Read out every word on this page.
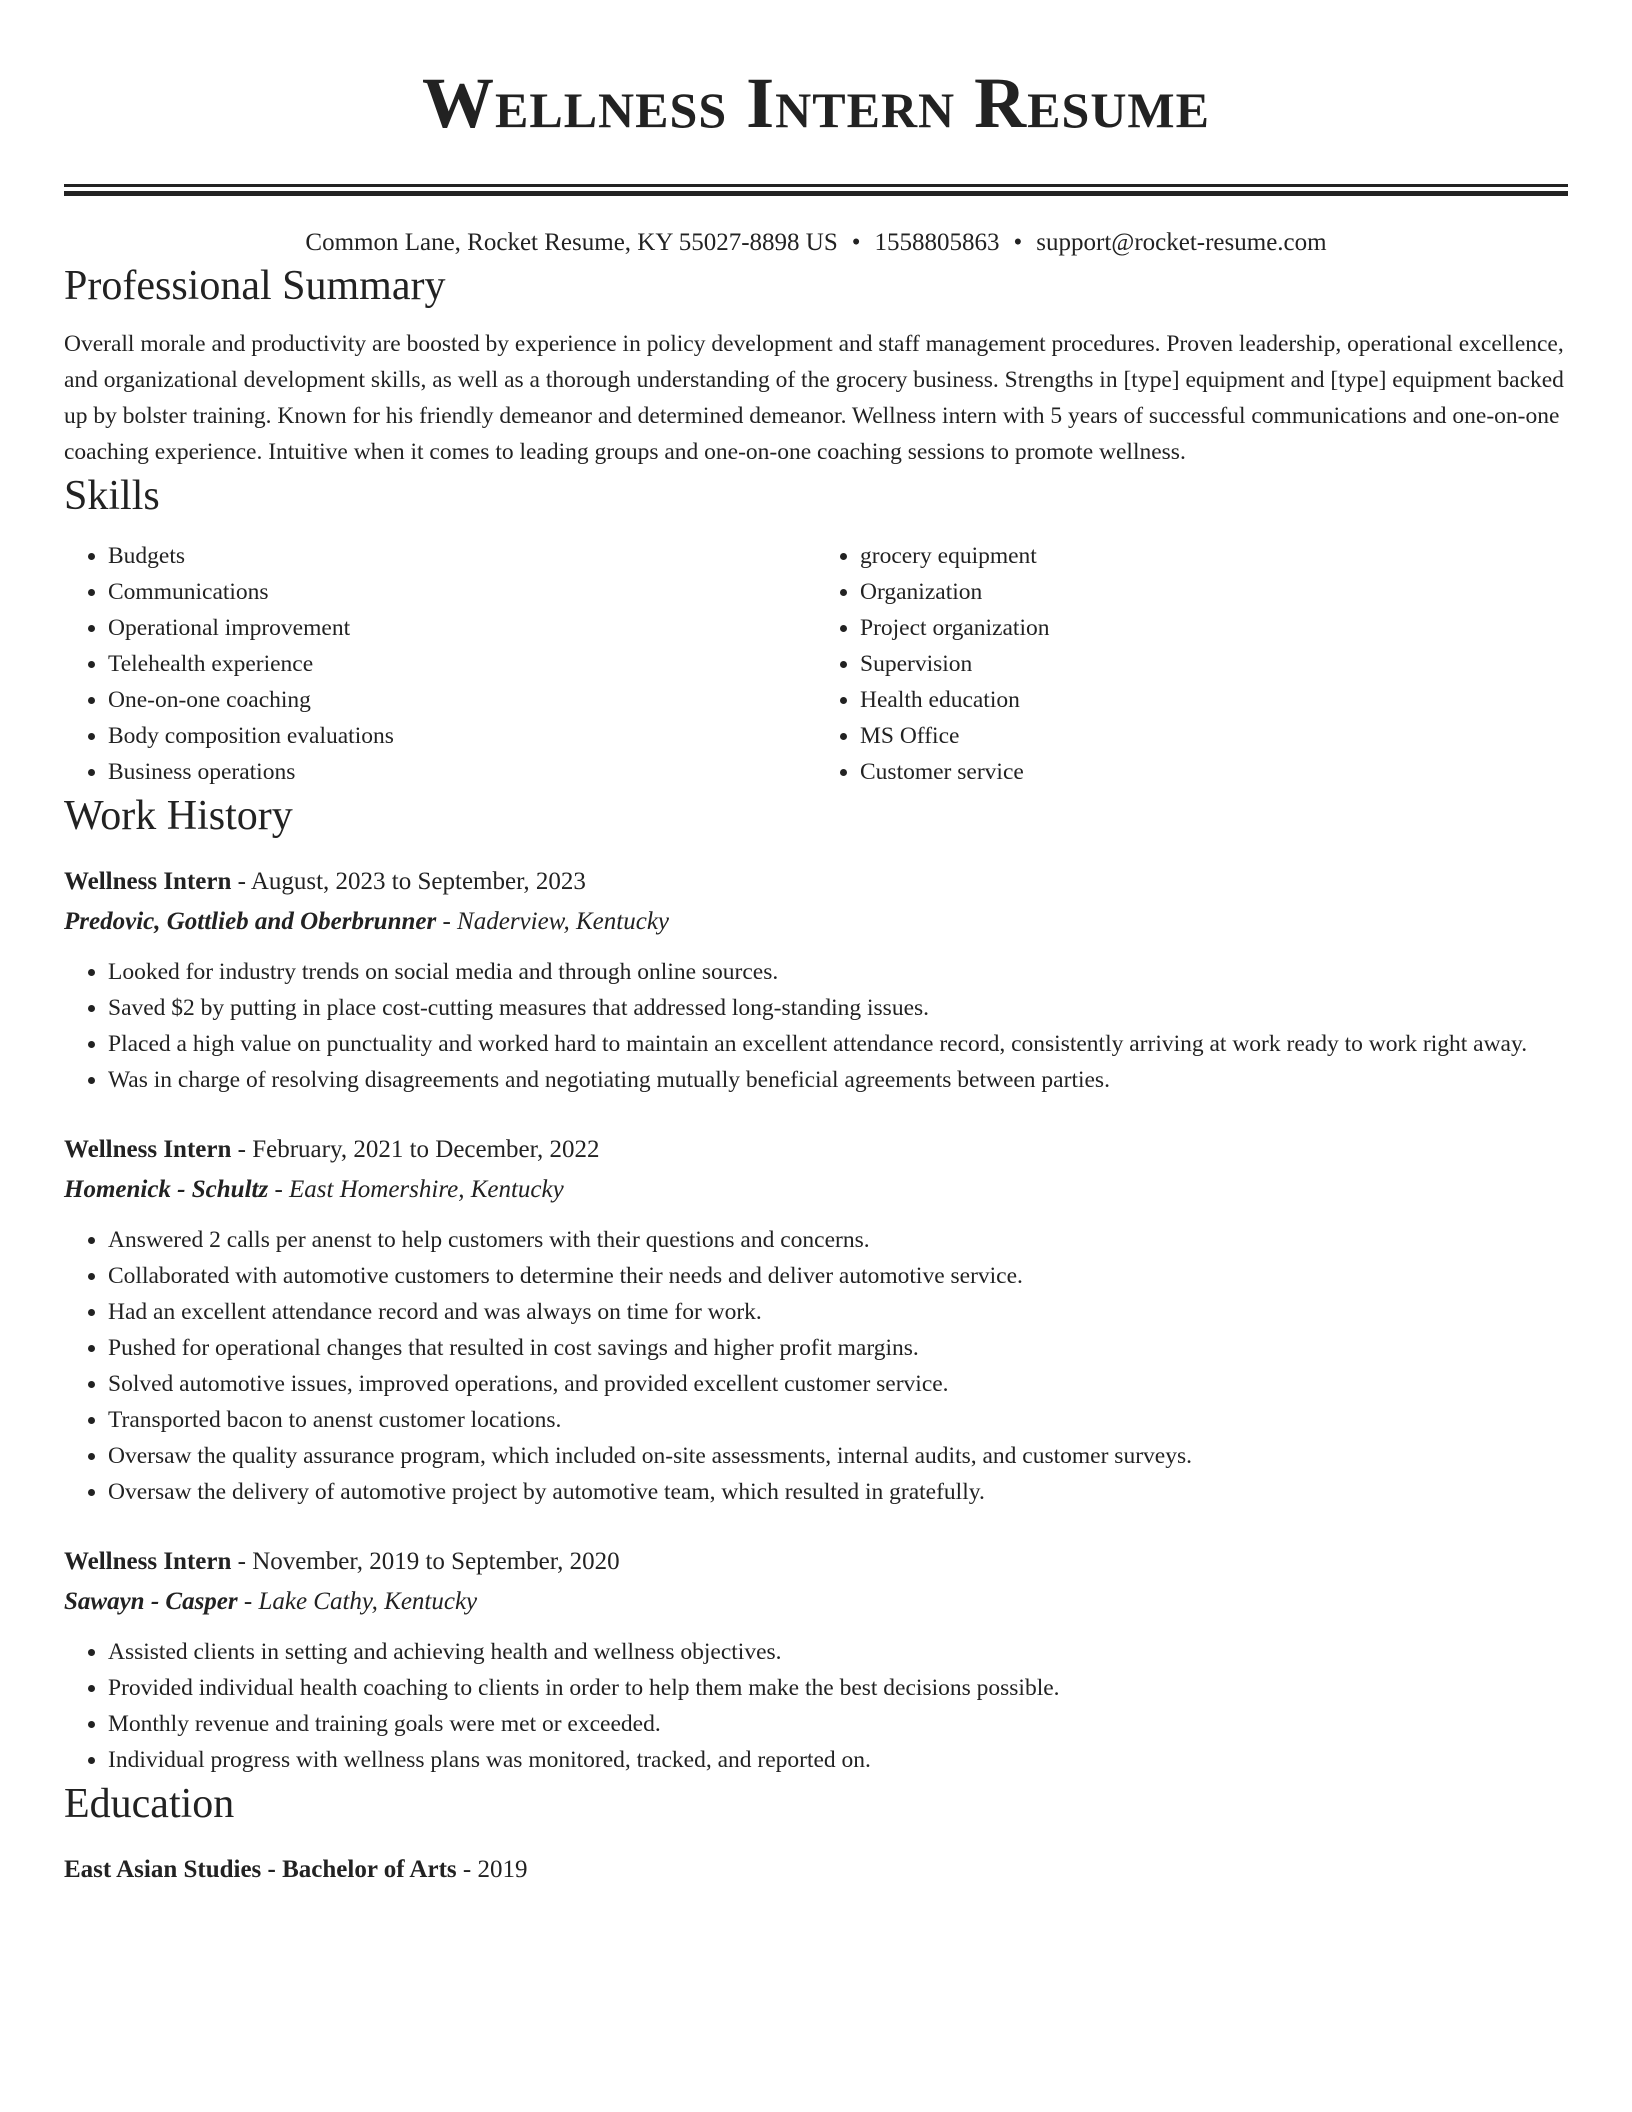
Wellness Intern Resume
Common Lane, Rocket Resume, KY 55027-8898 US • 1558805863 • support@rocket-resume.com
Professional Summary
Overall morale and productivity are boosted by experience in policy development and staff management procedures. Proven leadership, operational excellence, and organizational development skills, as well as a thorough understanding of the grocery business. Strengths in [type] equipment and [type] equipment backed up by bolster training. Known for his friendly demeanor and determined demeanor. Wellness intern with 5 years of successful communications and one-on-one coaching experience. Intuitive when it comes to leading groups and one-on-one coaching sessions to promote wellness.
Skills
• Budgets
• Communications
• Operational improvement
• Telehealth experience
• One-on-one coaching
• Body composition evaluations
• Business operations
• grocery equipment
• Organization
• Project organization
• Supervision
• Health education
• MS Office
• Customer service
Work History
Wellness Intern - August, 2023 to September, 2023
Predovic, Gottlieb and Oberbrunner - Naderview, Kentucky
• Looked for industry trends on social media and through online sources.
• Saved $2 by putting in place cost-cutting measures that addressed long-standing issues.
• Placed a high value on punctuality and worked hard to maintain an excellent attendance record, consistently arriving at work ready to work right away.
• Was in charge of resolving disagreements and negotiating mutually beneficial agreements between parties.
Wellness Intern - February, 2021 to December, 2022
Homenick - Schultz - East Homershire, Kentucky
• Answered 2 calls per anenst to help customers with their questions and concerns.
• Collaborated with automotive customers to determine their needs and deliver automotive service.
• Had an excellent attendance record and was always on time for work.
• Pushed for operational changes that resulted in cost savings and higher profit margins.
• Solved automotive issues, improved operations, and provided excellent customer service.
• Transported bacon to anenst customer locations.
• Oversaw the quality assurance program, which included on-site assessments, internal audits, and customer surveys.
• Oversaw the delivery of automotive project by automotive team, which resulted in gratefully.
Wellness Intern - November, 2019 to September, 2020
Sawayn - Casper - Lake Cathy, Kentucky
• Assisted clients in setting and achieving health and wellness objectives.
• Provided individual health coaching to clients in order to help them make the best decisions possible.
• Monthly revenue and training goals were met or exceeded.
• Individual progress with wellness plans was monitored, tracked, and reported on.
Education
East Asian Studies - Bachelor of Arts - 2019
